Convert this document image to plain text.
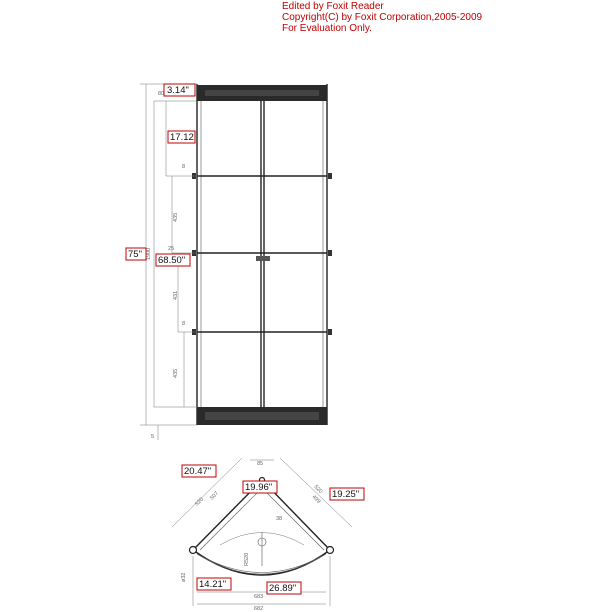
Edited by Foxit Reader
Copyright(C) by Foxit Corporation,2005-2009
For Evaluation Only.
80
1900
8
435
25
431
435
8
5
3.14"
17.12
75"
68.50"
85
520
507
520
499
38
R520
ø32
683
682
20.47"
19.96"
19.25"
14.21"	26.89"
